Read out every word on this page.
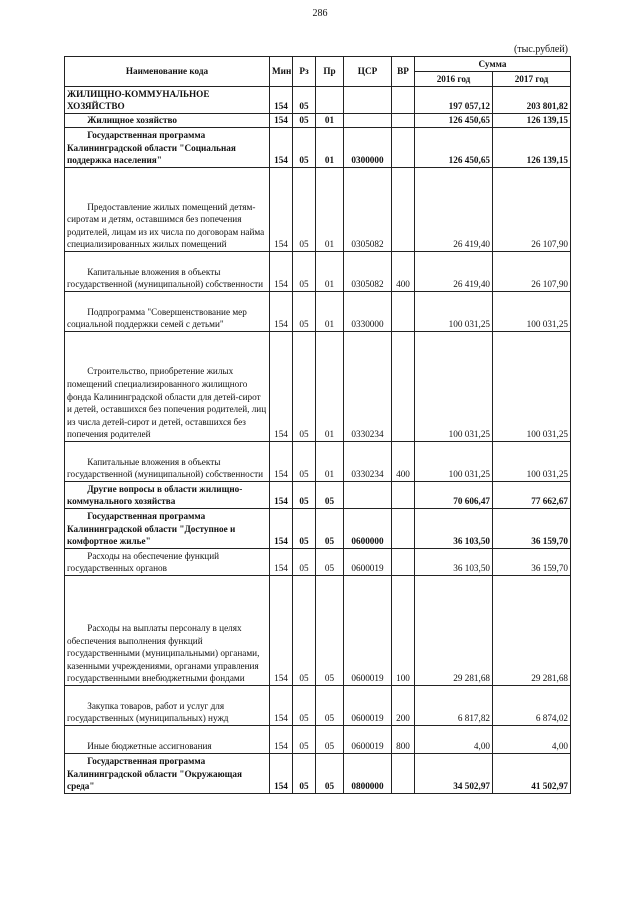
286
(тыс.рублей)
Наименование кода	Мин	Рз	Пр	ЦСР	ВР	Сумма	
						2016 год	2017 год
ЖИЛИЩНО-КОММУНАЛЬНОЕ ХОЗЯЙСТВО	154	05				197 057,12	203 801,82
Жилищное хозяйство	154	05	01			126 450,65	126 139,15
Государственная программа Калининградской области "Социальная поддержка населения"	154	05	01	0300000		126 450,65	126 139,15
Предоставление жилых помещений детям-сиротам и детям, оставшимся без попечения родителей, лицам из их числа по договорам найма специализированных жилых помещений	154	05	01	0305082		26 419,40	26 107,90
Капитальные вложения в объекты государственной (муниципальной) собственности	154	05	01	0305082	400	26 419,40	26 107,90
Подпрограмма "Совершенствование мер социальной поддержки семей с детьми"	154	05	01	0330000		100 031,25	100 031,25
Строительство, приобретение жилых помещений специализированного жилищного фонда Калининградской области для детей-сирот и детей, оставшихся без попечения родителей, лиц из числа детей-сирот и детей, оставшихся без попечения родителей	154	05	01	0330234		100 031,25	100 031,25
Капитальные вложения в объекты государственной (муниципальной) собственности	154	05	01	0330234	400	100 031,25	100 031,25
Другие вопросы в области жилищно-коммунального хозяйства	154	05	05			70 606,47	77 662,67
Государственная программа Калининградской области "Доступное и комфортное жилье"	154	05	05	0600000		36 103,50	36 159,70
Расходы на обеспечение функций государственных органов	154	05	05	0600019		36 103,50	36 159,70
Расходы на выплаты персоналу в целях обеспечения выполнения функций государственными (муниципальными) органами, казенными учреждениями, органами управления государственными внебюджетными фондами	154	05	05	0600019	100	29 281,68	29 281,68
Закупка товаров, работ и услуг для государственных (муниципальных) нужд	154	05	05	0600019	200	6 817,82	6 874,02
Иные бюджетные ассигнования	154	05	05	0600019	800	4,00	4,00
Государственная программа Калининградской области "Окружающая среда"	154	05	05	0800000		34 502,97	41 502,97
